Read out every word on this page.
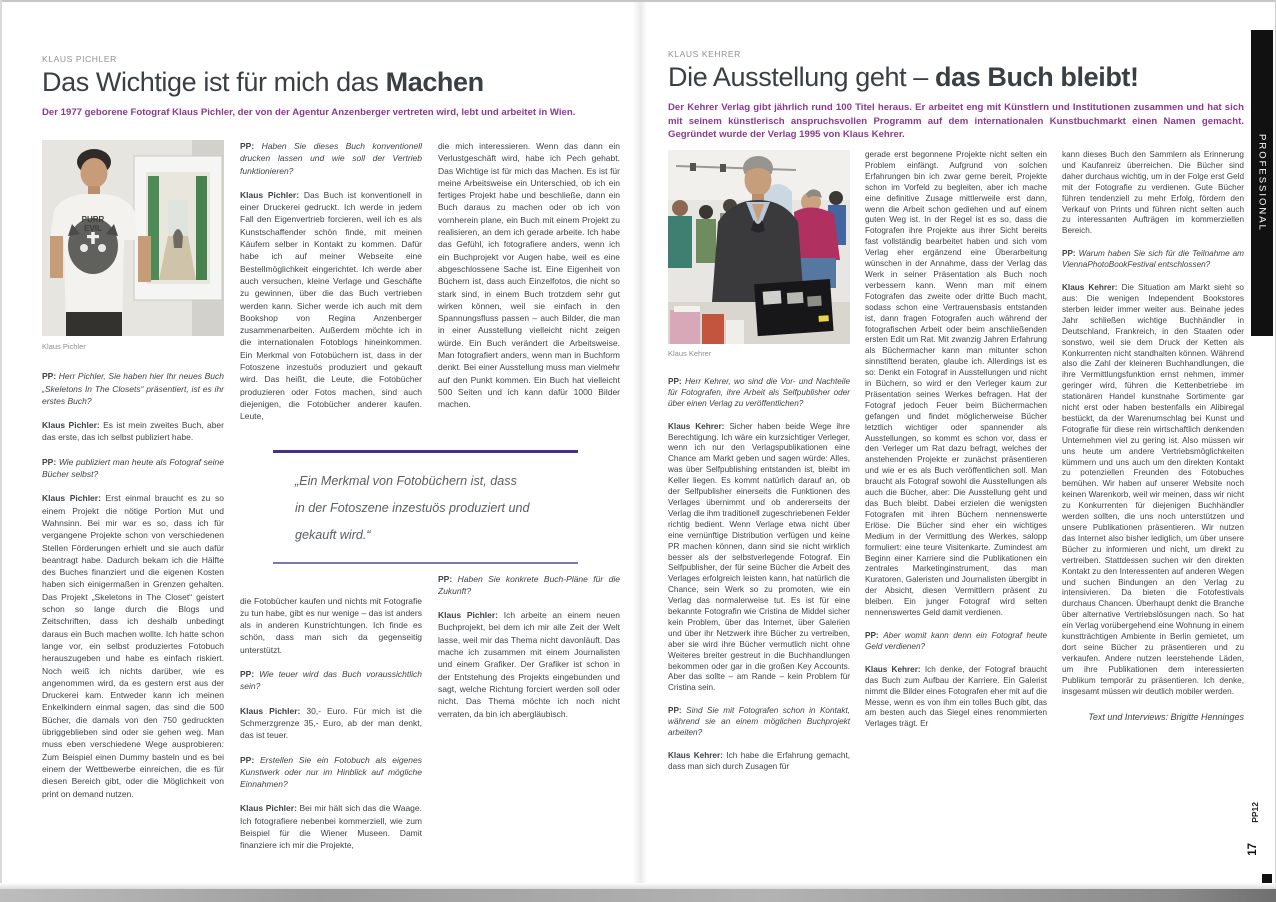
KLAUS PICHLER
Das Wichtige ist für mich das Machen

Der 1977 geborene Fotograf Klaus Pichler, der von der Agentur Anzenberger vertreten wird, lebt und arbeitet in Wien.

PURR
EVIL
Klaus Pichler

PP: Herr Pichler, Sie haben hier Ihr neues Buch „Skeletons In The Closets“ präsentiert, ist es ihr erstes Buch?

Klaus Pichler: Es ist mein zweites Buch, aber das erste, das ich selbst publiziert habe.

PP: Wie publiziert man heute als Fotograf seine Bücher selbst?

Klaus Pichler: Erst einmal braucht es zu so einem Projekt die nötige Portion Mut und Wahnsinn. Bei mir war es so, dass ich für vergangene Projekte schon von verschiedenen Stellen Förderungen erhielt und sie auch dafür beantragt habe. Dadurch bekam ich die Hälfte des Buches finanziert und die eigenen Kosten haben sich einigermaßen in Grenzen gehalten. Das Projekt „Skeletons in The Closet“ geistert schon so lange durch die Blogs und Zeitschriften, dass ich deshalb unbedingt daraus ein Buch machen wollte. Ich hatte schon lange vor, ein selbst produziertes Fotobuch herauszugeben und habe es einfach riskiert. Noch weiß ich nichts darüber, wie es angenommen wird, da es gestern erst aus der Druckerei kam. Entweder kann ich meinen Enkelkindern einmal sagen, das sind die 500 Bücher, die damals von den 750 gedruckten übriggeblieben sind oder sie gehen weg. Man muss eben verschiedene Wege ausprobieren: Zum Beispiel einen Dummy basteln und es bei einem der Wettbewerbe einreichen, die es für diesen Bereich gibt, oder die Möglichkeit von print on demand nutzen.

PP: Haben Sie dieses Buch konventionell drucken lassen und wie soll der Vertrieb funktionieren?

Klaus Pichler: Das Buch ist konventionell in einer Druckerei gedruckt. Ich werde in jedem Fall den Eigenvertrieb forcieren, weil ich es als Kunstschaffender schön finde, mit meinen Käufern selber in Kontakt zu kommen. Dafür habe ich auf meiner Webseite eine Bestellmöglichkeit eingerichtet. Ich werde aber auch versuchen, kleine Verlage und Geschäfte zu gewinnen, über die das Buch vertrieben werden kann. Sicher werde ich auch mit dem Bookshop von Regina Anzenberger zusammenarbeiten. Außerdem möchte ich in die internationalen Fotoblogs hineinkommen. Ein Merkmal von Fotobüchern ist, dass in der Fotoszene inzestuös produziert und gekauft wird. Das heißt, die Leute, die Fotobücher produzieren oder Fotos machen, sind auch diejenigen, die Fotobücher anderer kaufen. Leute,

die Fotobücher kaufen und nichts mit Fotografie zu tun habe, gibt es nur wenige – das ist anders als in anderen Kunstrichtungen. Ich finde es schön, dass man sich da gegenseitig unterstützt.

PP: Wie teuer wird das Buch voraussichtlich sein?

Klaus Pichler: 30,- Euro. Für mich ist die Schmerzgrenze 35,- Euro, ab der man denkt, das ist teuer.

PP: Erstellen Sie ein Fotobuch als eigenes Kunstwerk oder nur im Hinblick auf mögliche Einnahmen?

Klaus Pichler: Bei mir hält sich das die Waage. Ich fotografiere nebenbei kommerziell, wie zum Beispiel für die Wiener Museen. Damit finanziere ich mir die Projekte,

die mich interessieren. Wenn das dann ein Verlustgeschäft wird, habe ich Pech gehabt. Das Wichtige ist für mich das Machen. Es ist für meine Arbeitsweise ein Unterschied, ob ich ein fertiges Projekt habe und beschließe, dann ein Buch daraus zu machen oder ob ich von vornherein plane, ein Buch mit einem Projekt zu realisieren, an dem ich gerade arbeite. Ich habe das Gefühl, ich fotografiere anders, wenn ich ein Buchprojekt vor Augen habe, weil es eine abgeschlossene Sache ist. Eine Eigenheit von Büchern ist, dass auch Einzelfotos, die nicht so stark sind, in einem Buch trotzdem sehr gut wirken können, weil sie einfach in den Spannungsfluss passen – auch Bilder, die man in einer Ausstellung vielleicht nicht zeigen würde. Ein Buch verändert die Arbeitsweise. Man fotografiert anders, wenn man in Buchform denkt. Bei einer Ausstellung muss man vielmehr auf den Punkt kommen. Ein Buch hat vielleicht 500 Seiten und ich kann dafür 1000 Bilder machen.

PP: Haben Sie konkrete Buch-Pläne für die Zukunft?

Klaus Pichler: Ich arbeite an einem neuen Buchprojekt, bei dem ich mir alle Zeit der Welt lasse, weil mir das Thema nicht davonläuft. Das mache ich zusammen mit einem Journalisten und einem Grafiker. Der Grafiker ist schon in der Entstehung des Projekts eingebunden und sagt, welche Richtung forciert werden soll oder nicht. Das Thema möchte ich noch nicht verraten, da bin ich abergläubisch.

„Ein Merkmal von Fotobüchern ist, dass
in der Fotoszene inzestuös produziert und
gekauft wird.“
KLAUS KEHRER
Die Ausstellung geht – das Buch bleibt!

Der Kehrer Verlag gibt jährlich rund 100 Titel heraus. Er arbeitet eng mit Künstlern und Institutionen zusammen und hat sich mit seinem künstlerisch anspruchsvollen Programm auf dem internationalen Kunstbuchmarkt einen Namen gemacht. Gegründet wurde der Verlag 1995 von Klaus Kehrer.

Klaus Kehrer

PP: Herr Kehrer, wo sind die Vor- und Nachteile für Fotografen, ihre Arbeit als Selfpublisher oder über einen Verlag zu veröffentlichen?

Klaus Kehrer: Sicher haben beide Wege ihre Berechtigung. Ich wäre ein kurzsichtiger Verleger, wenn ich nur den Verlagspublikationen eine Chance am Markt geben und sagen würde: Alles, was über Selfpublishing entstanden ist, bleibt im Keller liegen. Es kommt natürlich darauf an, ob der Selfpublisher einerseits die Funktionen des Verlages übernimmt und ob andererseits der Verlag die ihm traditionell zugeschriebenen Felder richtig bedient. Wenn Verlage etwa nicht über eine vernünftige Distribution verfügen und keine PR machen können, dann sind sie nicht wirklich besser als der selbstverlegende Fotograf. Ein Selfpublisher, der für seine Bücher die Arbeit des Verlages erfolgreich leisten kann, hat natürlich die Chance, sein Werk so zu promoten, wie ein Verlag das normalerweise tut. Es ist für eine bekannte Fotografin wie Cristina de Middel sicher kein Problem, über das Internet, über Galerien und über ihr Netzwerk ihre Bücher zu vertreiben, aber sie wird ihre Bücher vermutlich nicht ohne Weiteres breiter gestreut in die Buchhandlungen bekommen oder gar in die großen Key Accounts. Aber das sollte – am Rande – kein Problem für Cristina sein.

PP: Sind Sie mit Fotografen schon in Kontakt, während sie an einem möglichen Buchprojekt arbeiten?

Klaus Kehrer: Ich habe die Erfahrung gemacht, dass man sich durch Zusagen für

gerade erst begonnene Projekte nicht selten ein Problem einfängt. Aufgrund von solchen Erfahrungen bin ich zwar gerne bereit, Projekte schon im Vorfeld zu begleiten, aber ich mache eine definitive Zusage mittlerweile erst dann, wenn die Arbeit schon gediehen und auf einem guten Weg ist. In der Regel ist es so, dass die Fotografen ihre Projekte aus ihrer Sicht bereits fast vollständig bearbeitet haben und sich vom Verlag eher ergänzend eine Überarbeitung wünschen in der Annahme, dass der Verlag das Werk in seiner Präsentation als Buch noch verbessern kann. Wenn man mit einem Fotografen das zweite oder dritte Buch macht, sodass schon eine Vertrauensbasis entstanden ist, dann fragen Fotografen auch während der fotografischen Arbeit oder beim anschließenden ersten Edit um Rat. Mit zwanzig Jahren Erfahrung als Büchermacher kann man mitunter schon sinnstiftend beraten, glaube ich. Allerdings ist es so: Denkt ein Fotograf in Ausstellungen und nicht in Büchern, so wird er den Verleger kaum zur Präsentation seines Werkes befragen. Hat der Fotograf jedoch Feuer beim Büchermachen gefangen und findet möglicherweise Bücher letztlich wichtiger oder spannender als Ausstellungen, so kommt es schon vor, dass er den Verleger um Rat dazu befragt, welches der anstehenden Projekte er zunächst präsentieren und wie er es als Buch veröffentlichen soll. Man braucht als Fotograf sowohl die Ausstellungen als auch die Bücher, aber: Die Ausstellung geht und das Buch bleibt. Dabei erzielen die wenigsten Fotografen mit ihren Büchern nennenswerte Erlöse. Die Bücher sind eher ein wichtiges Medium in der Vermittlung des Werkes, salopp formuliert: eine teure Visitenkarte. Zumindest am Beginn einer Karriere sind die Publikationen ein zentrales Marketinginstrument, das man Kuratoren, Galeristen und Journalisten übergibt in der Absicht, diesen Vermittlern präsent zu bleiben. Ein junger Fotograf wird selten nennenswertes Geld damit verdienen.

PP: Aber womit kann denn ein Fotograf heute Geld verdienen?

Klaus Kehrer: Ich denke, der Fotograf braucht das Buch zum Aufbau der Karriere. Ein Galerist nimmt die Bilder eines Fotografen eher mit auf die Messe, wenn es von ihm ein tolles Buch gibt, das am besten auch das Siegel eines renommierten Verlages trägt. Er

kann dieses Buch den Sammlern als Erinnerung und Kaufanreiz überreichen. Die Bücher sind daher durchaus wichtig, um in der Folge erst Geld mit der Fotografie zu verdienen. Gute Bücher führen tendenziell zu mehr Erfolg, fördern den Verkauf von Prints und führen nicht selten auch zu interessanten Aufträgen im kommerziellen Bereich.

PP: Warum haben Sie sich für die Teilnahme am ViennaPhotoBookFestival entschlossen?

Klaus Kehrer: Die Situation am Markt sieht so aus: Die wenigen Independent Bookstores sterben leider immer weiter aus. Beinahe jedes Jahr schließen wichtige Buchhändler in Deutschland, Frankreich, in den Staaten oder sonstwo, weil sie dem Druck der Ketten als Konkurrenten nicht standhalten können. Während also die Zahl der kleineren Buchhandlungen, die ihre Vermittlungsfunktion ernst nehmen, immer geringer wird, führen die Kettenbetriebe im stationären Handel kunstnahe Sortimente gar nicht erst oder haben bestenfalls ein Alibiregal bestückt, da der Warenumschlag bei Kunst und Fotografie für diese rein wirtschaftlich denkenden Unternehmen viel zu gering ist. Also müssen wir uns heute um andere Vertriebsmöglichkeiten kümmern und uns auch um den direkten Kontakt zu potenziellen Freunden des Fotobuches bemühen. Wir haben auf unserer Website noch keinen Warenkorb, weil wir meinen, dass wir nicht zu Konkurrenten für diejenigen Buchhändler werden sollten, die uns noch unterstützen und unsere Publikationen präsentieren. Wir nutzen das Internet also bisher lediglich, um über unsere Bücher zu informieren und nicht, um direkt zu vertreiben. Stattdessen suchen wir den direkten Kontakt zu den Interessenten auf anderen Wegen und suchen Bindungen an den Verlag zu intensivieren. Da bieten die Fotofestivals durchaus Chancen. Überhaupt denkt die Branche über alternative Vertriebslösungen nach. So hat ein Verlag vorübergehend eine Wohnung in einem kunstträchtigen Ambiente in Berlin gemietet, um dort seine Bücher zu präsentieren und zu verkaufen. Andere nutzen leerstehende Läden, um ihre Publikationen dem interessierten Publikum temporär zu präsentieren. Ich denke, insgesamt müssen wir deutlich mobiler werden.

Text und Interviews: Brigitte Henninges
PROFESSIONAL
PP12
17
